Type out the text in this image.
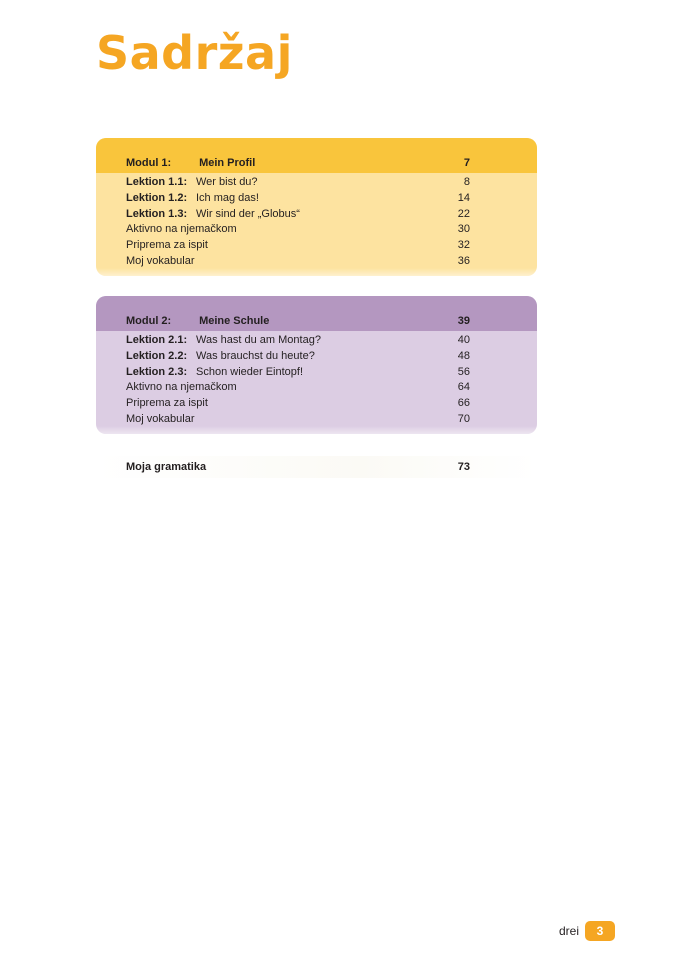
Sadržaj
Modul 1:	Mein Profil	7
Lektion 1.1: Wer bist du?	8
Lektion 1.2: Ich mag das!	14
Lektion 1.3: Wir sind der „Globus“	22
Aktivno na njemačkom	30
Priprema za ispit	32
Moj vokabular	36
Modul 2:	Meine Schule	39
Lektion 2.1: Was hast du am Montag?	40
Lektion 2.2: Was brauchst du heute?	48
Lektion 2.3: Schon wieder Eintopf!	56
Aktivno na njemačkom	64
Priprema za ispit	66
Moj vokabular	70
Moja gramatika	73
drei	3
